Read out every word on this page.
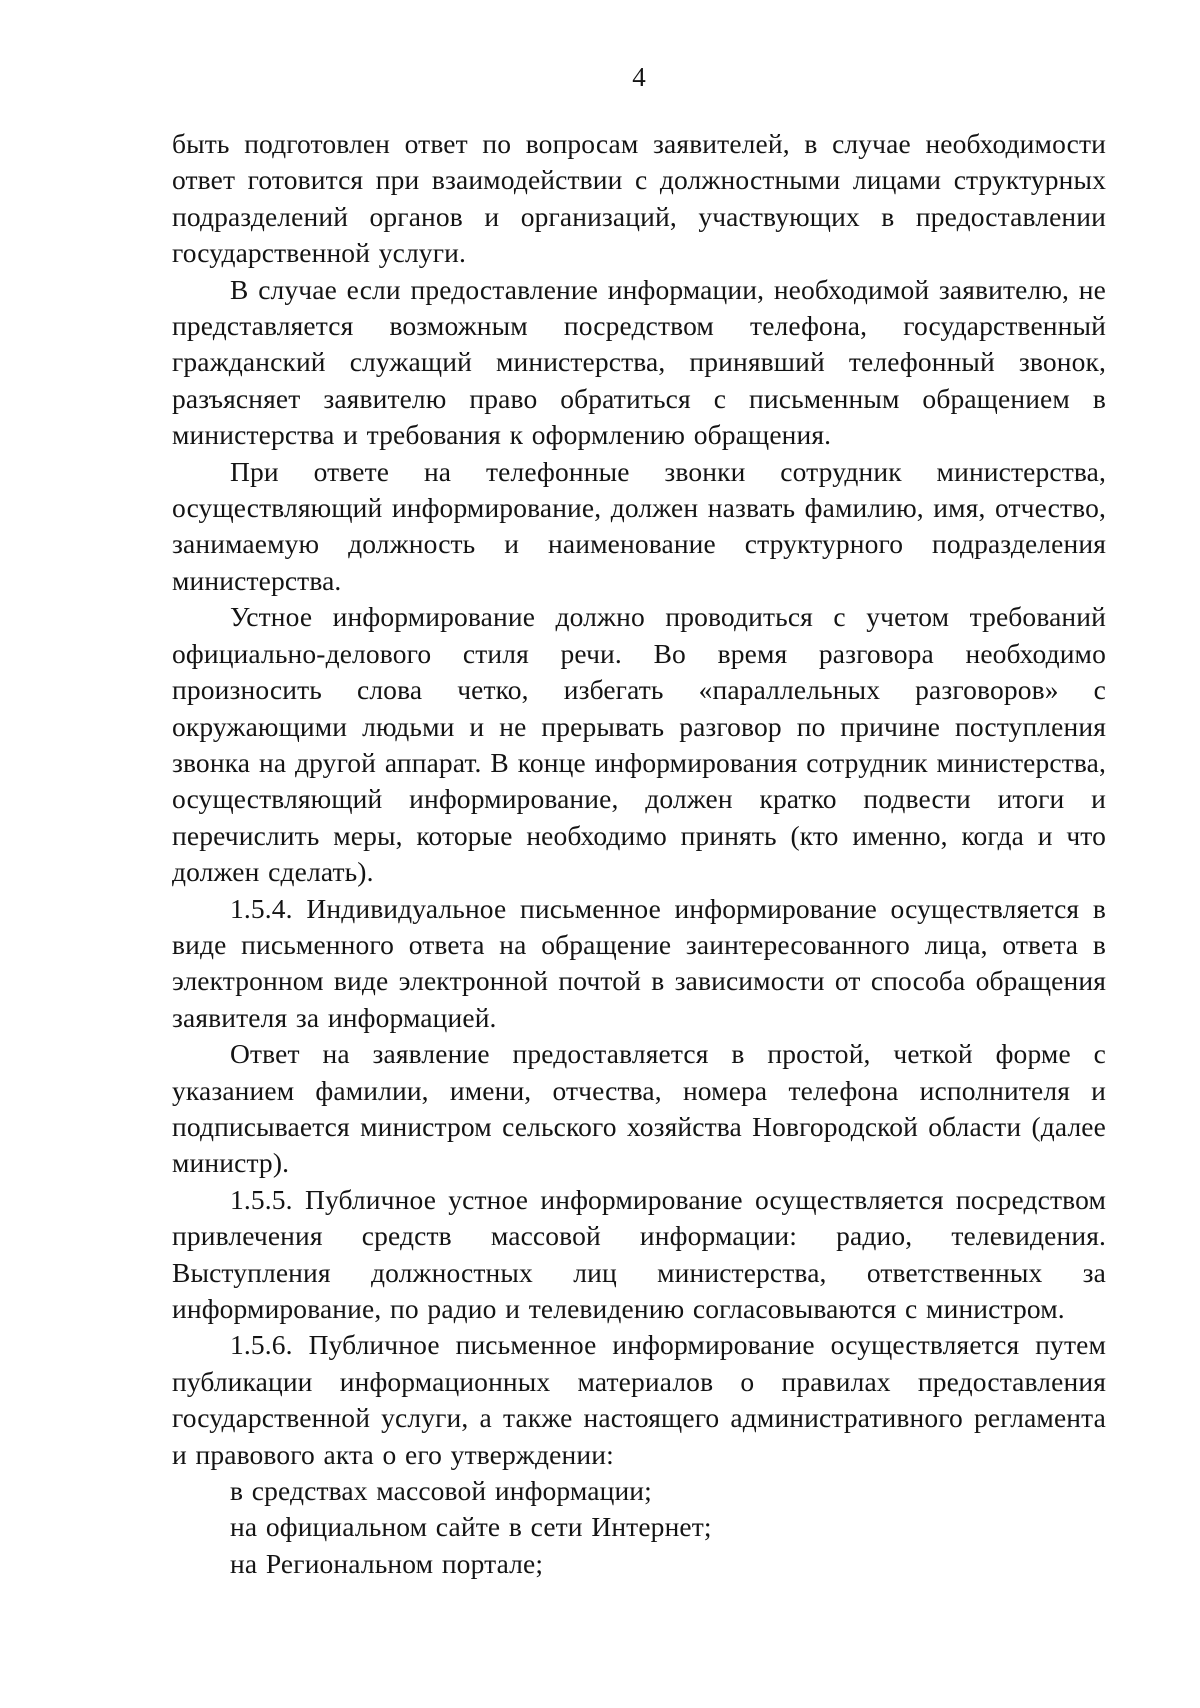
4

быть подготовлен ответ по вопросам заявителей, в случае необходимости ответ готовится при взаимодействии с должностными лицами структурных подразделений органов и организаций, участвующих в предоставлении государственной услуги.

В случае если предоставление информации, необходимой заявителю, не представляется возможным посредством телефона, государственный гражданский служащий министерства, принявший телефонный звонок, разъясняет заявителю право обратиться с письменным обращением в министерства и требования к оформлению обращения.

При ответе на телефонные звонки сотрудник министерства, осуществляющий информирование, должен назвать фамилию, имя, отчество, занимаемую должность и наименование структурного подразделения министерства.

Устное информирование должно проводиться с учетом требований официально-делового стиля речи. Во время разговора необходимо произносить слова четко, избегать «параллельных разговоров» с окружающими людьми и не прерывать разговор по причине поступления звонка на другой аппарат. В конце информирования сотрудник министерства, осуществляющий информирование, должен кратко подвести итоги и перечислить меры, которые необходимо принять (кто именно, когда и что должен сделать).

1.5.4. Индивидуальное письменное информирование осуществляется в виде письменного ответа на обращение заинтересованного лица, ответа в электронном виде электронной почтой в зависимости от способа обращения заявителя за информацией.

Ответ на заявление предоставляется в простой, четкой форме с указанием фамилии, имени, отчества, номера телефона исполнителя и подписывается министром сельского хозяйства Новгородской области (далее министр).

1.5.5. Публичное устное информирование осуществляется посредством привлечения средств массовой информации: радио, телевидения. Выступления должностных лиц министерства, ответственных за информирование, по радио и телевидению согласовываются с министром.

1.5.6. Публичное письменное информирование осуществляется путем публикации информационных материалов о правилах предоставления государственной услуги, а также настоящего административного регламента и правового акта о его утверждении:

в средствах массовой информации;

на официальном сайте в сети Интернет;

на Региональном портале;
